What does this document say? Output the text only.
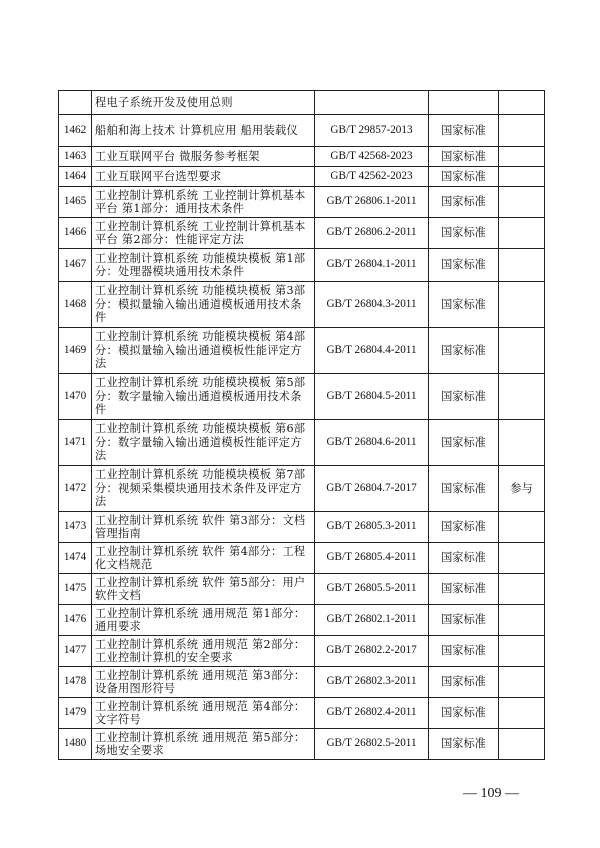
	程电子系统开发及使用总则			
1462	船舶和海上技术 计算机应用 船用装载仪	GB/T 29857-2013	国家标准	
1463	工业互联网平台 微服务参考框架	GB/T 42568-2023	国家标准	
1464	工业互联网平台选型要求	GB/T 42562-2023	国家标准	
1465	工业控制计算机系统 工业控制计算机基本平台 第1部分：通用技术条件	GB/T 26806.1-2011	国家标准	
1466	工业控制计算机系统 工业控制计算机基本平台 第2部分：性能评定方法	GB/T 26806.2-2011	国家标准	
1467	工业控制计算机系统 功能模块模板 第1部分：处理器模块通用技术条件	GB/T 26804.1-2011	国家标准	
1468	工业控制计算机系统 功能模块模板 第3部分：模拟量输入输出通道模板通用技术条件	GB/T 26804.3-2011	国家标准	
1469	工业控制计算机系统 功能模块模板 第4部分：模拟量输入输出通道模板性能评定方法	GB/T 26804.4-2011	国家标准	
1470	工业控制计算机系统 功能模块模板 第5部分：数字量输入输出通道模板通用技术条件	GB/T 26804.5-2011	国家标准	
1471	工业控制计算机系统 功能模块模板 第6部分：数字量输入输出通道模板性能评定方法	GB/T 26804.6-2011	国家标准	
1472	工业控制计算机系统 功能模块模板 第7部分：视频采集模块通用技术条件及评定方法	GB/T 26804.7-2017	国家标准	参与
1473	工业控制计算机系统 软件 第3部分：文档管理指南	GB/T 26805.3-2011	国家标准	
1474	工业控制计算机系统 软件 第4部分：工程化文档规范	GB/T 26805.4-2011	国家标准	
1475	工业控制计算机系统 软件 第5部分：用户软件文档	GB/T 26805.5-2011	国家标准	
1476	工业控制计算机系统 通用规范 第1部分：通用要求	GB/T 26802.1-2011	国家标准	
1477	工业控制计算机系统 通用规范 第2部分：工业控制计算机的安全要求	GB/T 26802.2-2017	国家标准	
1478	工业控制计算机系统 通用规范 第3部分：设备用图形符号	GB/T 26802.3-2011	国家标准	
1479	工业控制计算机系统 通用规范 第4部分：文字符号	GB/T 26802.4-2011	国家标准	
1480	工业控制计算机系统 通用规范 第5部分：场地安全要求	GB/T 26802.5-2011	国家标准	
— 109 —
